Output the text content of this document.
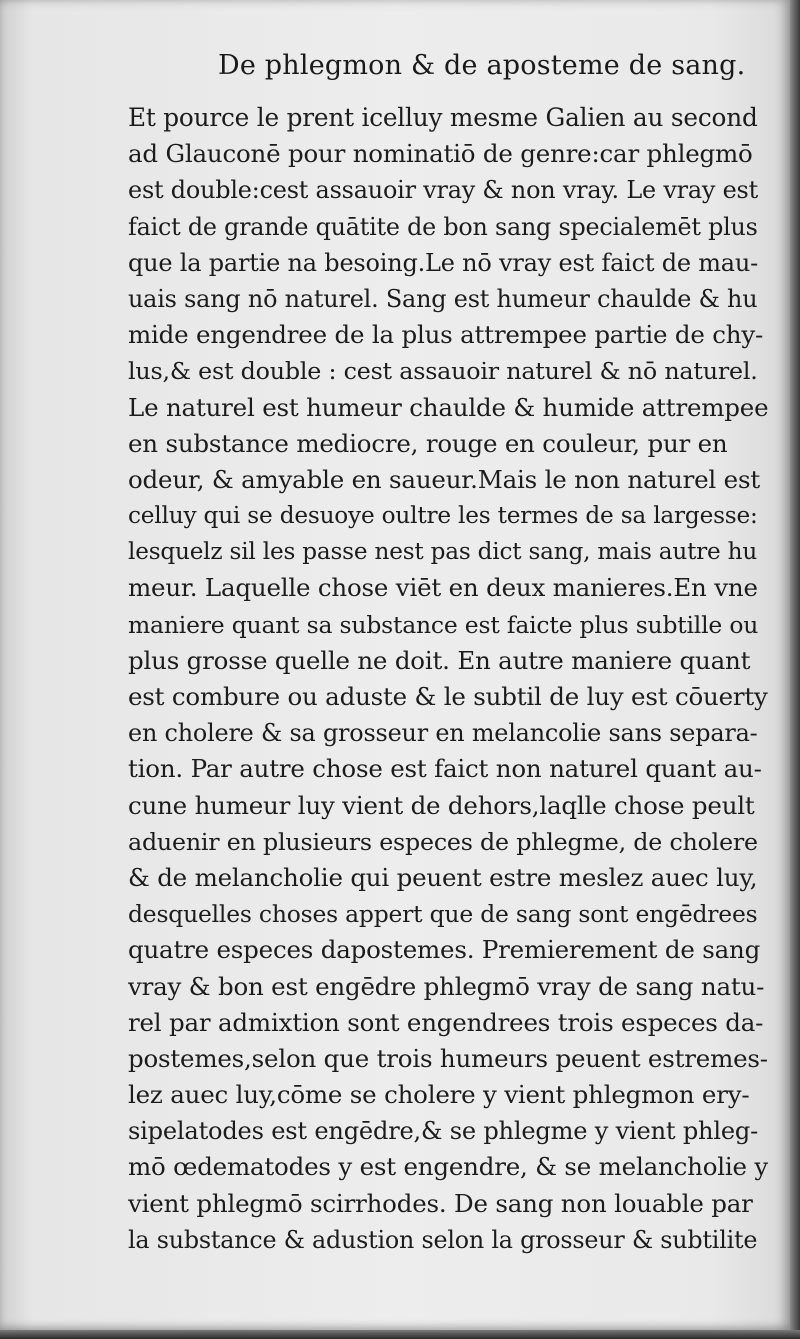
De phlegmon & de aposteme de sang.
Et pource le prent icelluy mesme Galien au second
ad Glauconē pour nominatiō de genre:car phlegmō
est double:cest assauoir vray & non vray. Le vray est
faict de grande quātite de bon sang specialemēt plus
que la partie na besoing.Le nō vray est faict de mau-
uais sang nō naturel. Sang est humeur chaulde & hu
mide engendree de la plus attrempee partie de chy-
lus,& est double : cest assauoir naturel & nō naturel.
Le naturel est humeur chaulde & humide attrempee
en substance mediocre, rouge en couleur, pur en
odeur, & amyable en saueur.Mais le non naturel est
celluy qui se desuoye oultre les termes de sa largesse:
lesquelz sil les passe nest pas dict sang, mais autre hu
meur. Laquelle chose viēt en deux manieres.En vne
maniere quant sa substance est faicte plus subtille ou
plus grosse quelle ne doit. En autre maniere quant
est combure ou aduste & le subtil de luy est cōuerty
en cholere & sa grosseur en melancolie sans separa-
tion. Par autre chose est faict non naturel quant au-
cune humeur luy vient de dehors,laqlle chose peult
aduenir en plusieurs especes de phlegme, de cholere
& de melancholie qui peuent estre meslez auec luy,
desquelles choses appert que de sang sont engēdrees
quatre especes dapostemes. Premierement de sang
vray & bon est engēdre phlegmō vray de sang natu-
rel par admixtion sont engendrees trois especes da-
postemes,selon que trois humeurs peuent estremes-
lez auec luy,cōme se cholere y vient phlegmon ery-
sipelatodes est engēdre,& se phlegme y vient phleg-
mō œdematodes y est engendre, & se melancholie y
vient phlegmō scirrhodes. De sang non louable par
la substance & adustion selon la grosseur & subtilite
